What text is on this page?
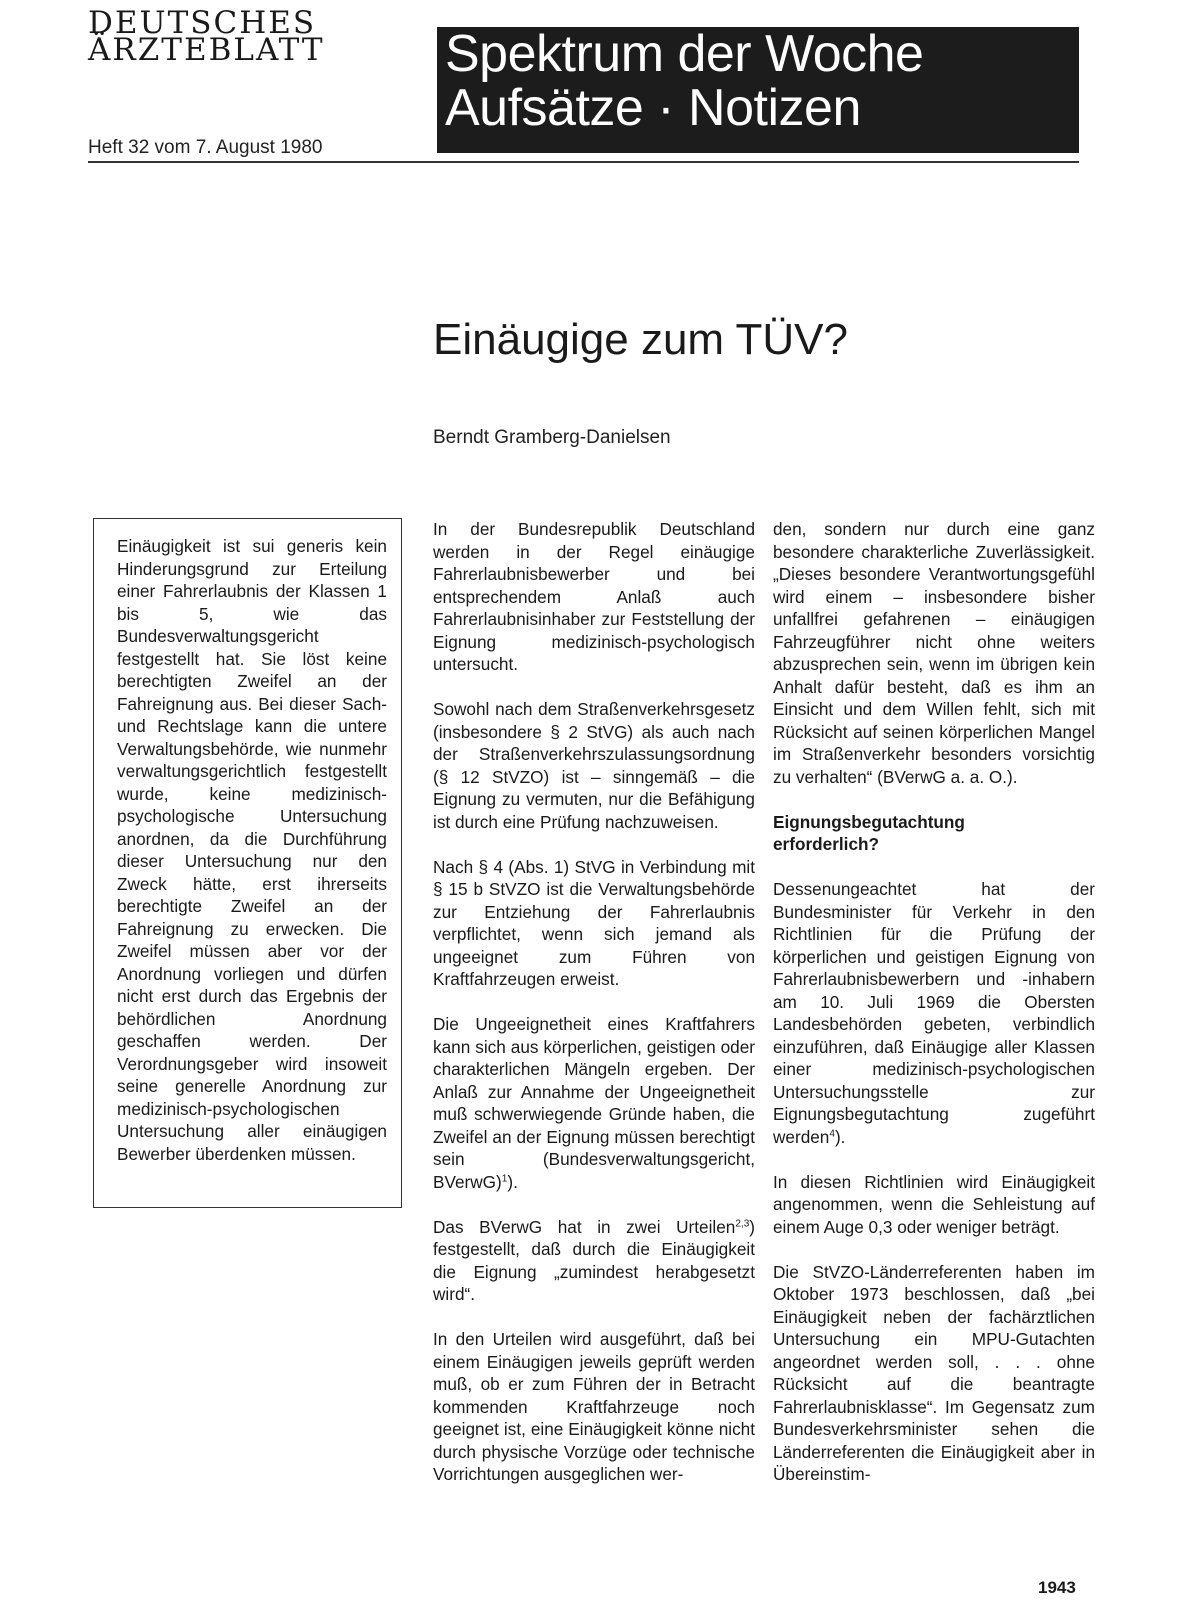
DEUTSCHES
ÄRZTEBLATT
Heft 32 vom 7. August 1980
Spektrum der Woche
Aufsätze · Notizen
Einäugige zum TÜV?
Berndt Gramberg-Danielsen

Einäugigkeit ist sui generis kein Hinderungsgrund zur Erteilung einer Fahrerlaubnis der Klassen 1 bis 5, wie das Bundesverwaltungsgericht festgestellt hat. Sie löst keine berechtigten Zweifel an der Fahreignung aus. Bei dieser Sach- und Rechtslage kann die untere Verwaltungsbehörde, wie nunmehr verwaltungsgerichtlich festgestellt wurde, keine medizinisch-psychologische Untersuchung anordnen, da die Durchführung dieser Untersuchung nur den Zweck hätte, erst ihrerseits berechtigte Zweifel an der Fahreignung zu erwecken. Die Zweifel müssen aber vor der Anordnung vorliegen und dürfen nicht erst durch das Ergebnis der behördlichen Anordnung geschaffen werden. Der Verordnungsgeber wird insoweit seine generelle Anordnung zur medizinisch-psychologischen Untersuchung aller einäugigen Bewerber überdenken müssen.

In der Bundesrepublik Deutschland werden in der Regel einäugige Fahrerlaubnisbewerber und bei entsprechendem Anlaß auch Fahrerlaubnisinhaber zur Feststellung der Eignung medizinisch-psychologisch untersucht.

Sowohl nach dem Straßenverkehrsgesetz (insbesondere § 2 StVG) als auch nach der Straßenverkehrszulassungsordnung (§ 12 StVZO) ist – sinngemäß – die Eignung zu vermuten, nur die Befähigung ist durch eine Prüfung nachzuweisen.

Nach § 4 (Abs. 1) StVG in Verbindung mit § 15 b StVZO ist die Verwaltungsbehörde zur Entziehung der Fahrerlaubnis verpflichtet, wenn sich jemand als ungeeignet zum Führen von Kraftfahrzeugen erweist.

Die Ungeeignetheit eines Kraftfahrers kann sich aus körperlichen, geistigen oder charakterlichen Mängeln ergeben. Der Anlaß zur Annahme der Ungeeignetheit muß schwerwiegende Gründe haben, die Zweifel an der Eignung müssen berechtigt sein (Bundesverwaltungsgericht, BVerwG)$^1$).

Das BVerwG hat in zwei Urteilen$^{2,3}$) festgestellt, daß durch die Einäugigkeit die Eignung „zumindest herabgesetzt wird“.

In den Urteilen wird ausgeführt, daß bei einem Einäugigen jeweils geprüft werden muß, ob er zum Führen der in Betracht kommenden Kraftfahrzeuge noch geeignet ist, eine Einäugigkeit könne nicht durch physische Vorzüge oder technische Vorrichtungen ausgeglichen wer-

den, sondern nur durch eine ganz besondere charakterliche Zuverlässigkeit. „Dieses besondere Verantwortungsgefühl wird einem – insbesondere bisher unfallfrei gefahrenen – einäugigen Fahrzeugführer nicht ohne weiters abzusprechen sein, wenn im übrigen kein Anhalt dafür besteht, daß es ihm an Einsicht und dem Willen fehlt, sich mit Rücksicht auf seinen körperlichen Mangel im Straßenverkehr besonders vorsichtig zu verhalten“ (BVerwG a. a. O.).

Eignungsbegutachtung
erforderlich?

Dessenungeachtet hat der Bundesminister für Verkehr in den Richtlinien für die Prüfung der körperlichen und geistigen Eignung von Fahrerlaubnisbewerbern und -inhabern am 10. Juli 1969 die Obersten Landesbehörden gebeten, verbindlich einzuführen, daß Einäugige aller Klassen einer medizinisch-psychologischen Untersuchungsstelle zur Eignungsbegutachtung zugeführt werden$^4$).

In diesen Richtlinien wird Einäugigkeit angenommen, wenn die Sehleistung auf einem Auge 0,3 oder weniger beträgt.

Die StVZO-Länderreferenten haben im Oktober 1973 beschlossen, daß „bei Einäugigkeit neben der fachärztlichen Untersuchung ein MPU-Gutachten angeordnet werden soll, . . . ohne Rücksicht auf die beantragte Fahrerlaubnisklasse“. Im Gegensatz zum Bundesverkehrsminister sehen die Länderreferenten die Einäugigkeit aber in Übereinstim-

1943
